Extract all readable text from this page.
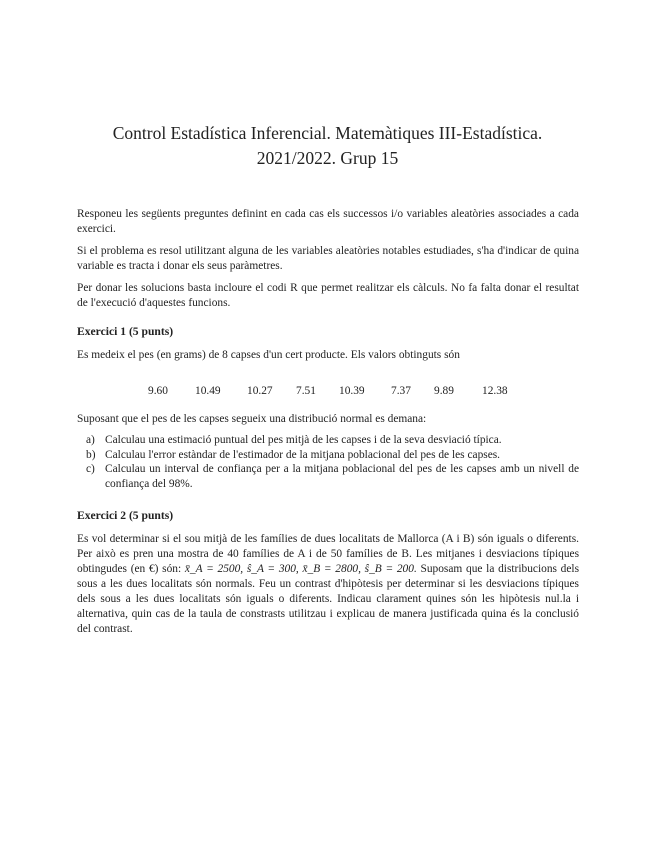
Control Estadística Inferencial. Matemàtiques III-Estadística.
2021/2022. Grup 15
Responeu les següents preguntes definint en cada cas els successos i/o variables aleatòries associades a cada exercici.
Si el problema es resol utilitzant alguna de les variables aleatòries notables estudiades, s'ha d'indicar de quina variable es tracta i donar els seus paràmetres.
Per donar les solucions basta incloure el codi R que permet realitzar els càlculs. No fa falta donar el resultat de l'execució d'aquestes funcions.
Exercici 1 (5 punts)
Es medeix el pes (en grams) de 8 capses d'un cert producte. Els valors obtinguts són
9.60 10.49 10.27 7.51 10.39 7.37 9.89 12.38
Suposant que el pes de les capses segueix una distribució normal es demana:
a) Calculau una estimació puntual del pes mitjà de les capses i de la seva desviació típica.
b) Calculau l'error estàndar de l'estimador de la mitjana poblacional del pes de les capses.
c) Calculau un interval de confiança per a la mitjana poblacional del pes de les capses amb un nivell de confiança del 98%.
Exercici 2 (5 punts)
Es vol determinar si el sou mitjà de les famílies de dues localitats de Mallorca (A i B) són iguals o diferents. Per això es pren una mostra de 40 famílies de A i de 50 famílies de B. Les mitjanes i desviacions típiques obtingudes (en €) són: x̄_A = 2500, ŝ_A = 300, x̄_B = 2800, ŝ_B = 200. Suposam que la distribucions dels sous a les dues localitats són normals. Feu un contrast d'hipòtesis per determinar si les desviacions típiques dels sous a les dues localitats són iguals o diferents. Indicau clarament quines són les hipòtesis nul.la i alternativa, quin cas de la taula de constrasts utilitzau i explicau de manera justificada quina és la conclusió del contrast.
